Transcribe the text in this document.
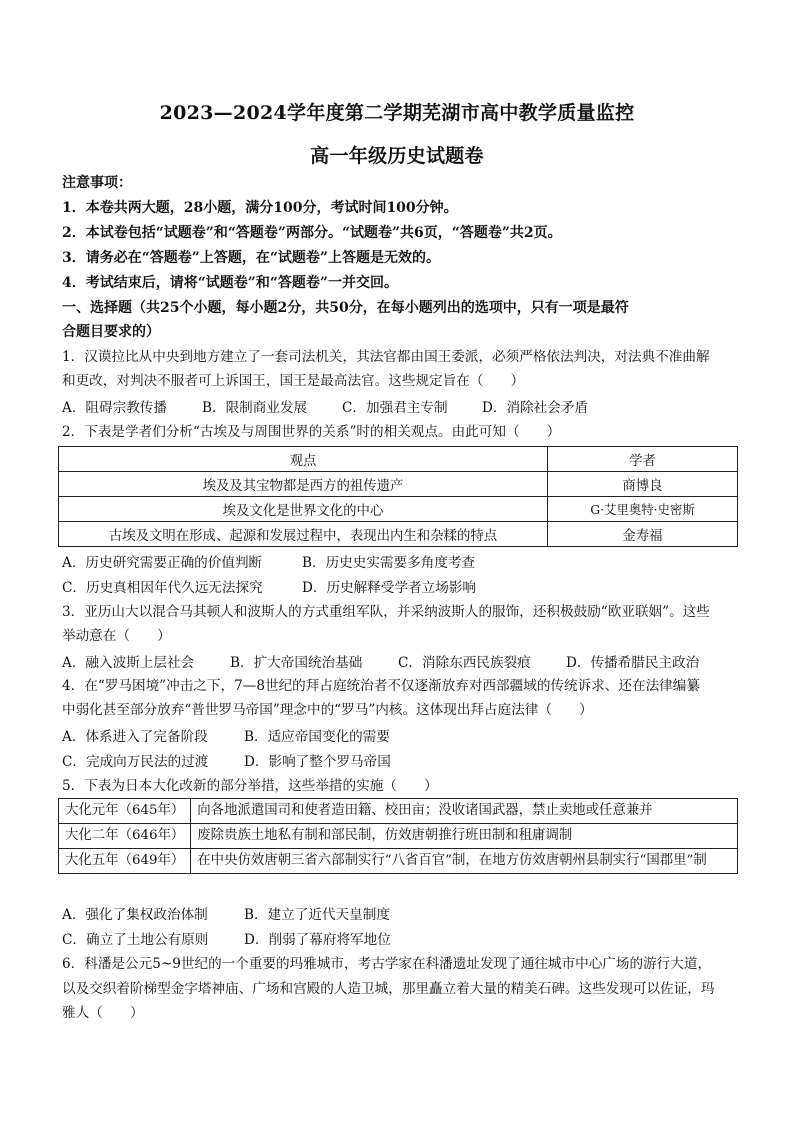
2023—2024学年度第二学期芜湖市高中教学质量监控
高一年级历史试题卷
注意事项：
1．本卷共两大题，28小题，满分100分，考试时间100分钟。
2．本试卷包括“试题卷”和“答题卷”两部分。“试题卷”共6页，“答题卷”共2页。
3．请务必在“答题卷”上答题，在“试题卷”上答题是无效的。
4．考试结束后，请将“试题卷”和“答题卷”一并交回。
一、选择题（共25个小题，每小题2分，共50分，在每小题列出的选项中，只有一项是最符
合题目要求的）
1．汉谟拉比从中央到地方建立了一套司法机关，其法官都由国王委派，必须严格依法判决，对法典不准曲解
和更改，对判决不服者可上诉国王，国王是最高法官。这些规定旨在（　　）
A．阻碍宗教传播	B．限制商业发展	C．加强君主专制	D．消除社会矛盾
2．下表是学者们分析“古埃及与周围世界的关系”时的相关观点。由此可知（　　）
观点	学者
埃及及其宝物都是西方的祖传遗产	商博良
埃及文化是世界文化的中心	G·艾里奥特·史密斯
古埃及文明在形成、起源和发展过程中，表现出内生和杂糅的特点	金寿福
A．历史研究需要正确的价值判断	B．历史史实需要多角度考查
C．历史真相因年代久远无法探究	D．历史解释受学者立场影响
3．亚历山大以混合马其顿人和波斯人的方式重组军队，并采纳波斯人的服饰，还积极鼓励“欧亚联姻”。这些
举动意在（　　）
A．融入波斯上层社会	B．扩大帝国统治基础	C．消除东西民族裂痕	D．传播希腊民主政治
4．在“罗马困境”冲击之下，7—8世纪的拜占庭统治者不仅逐渐放弃对西部疆域的传统诉求、还在法律编纂
中弱化甚至部分放弃“普世罗马帝国”理念中的“罗马”内核。这体现出拜占庭法律（　　）
A．体系进入了完备阶段	B．适应帝国变化的需要
C．完成向万民法的过渡	D．影响了整个罗马帝国
5．下表为日本大化改新的部分举措，这些举措的实施（　　）
大化元年（645年）	向各地派遣国司和使者造田籍、校田亩；没收诸国武器，禁止卖地或任意兼并
大化二年（646年）	废除贵族土地私有制和部民制，仿效唐朝推行班田制和租庸调制
大化五年（649年）	在中央仿效唐朝三省六部制实行“八省百官”制，在地方仿效唐朝州县制实行“国郡里”制
A．强化了集权政治体制	B．建立了近代天皇制度
C．确立了土地公有原则	D．削弱了幕府将军地位
6．科潘是公元5~9世纪的一个重要的玛雅城市，考古学家在科潘遗址发现了通往城市中心广场的游行大道，
以及交织着阶梯型金字塔神庙、广场和宫殿的人造卫城，那里矗立着大量的精美石碑。这些发现可以佐证，玛
雅人（　　）
